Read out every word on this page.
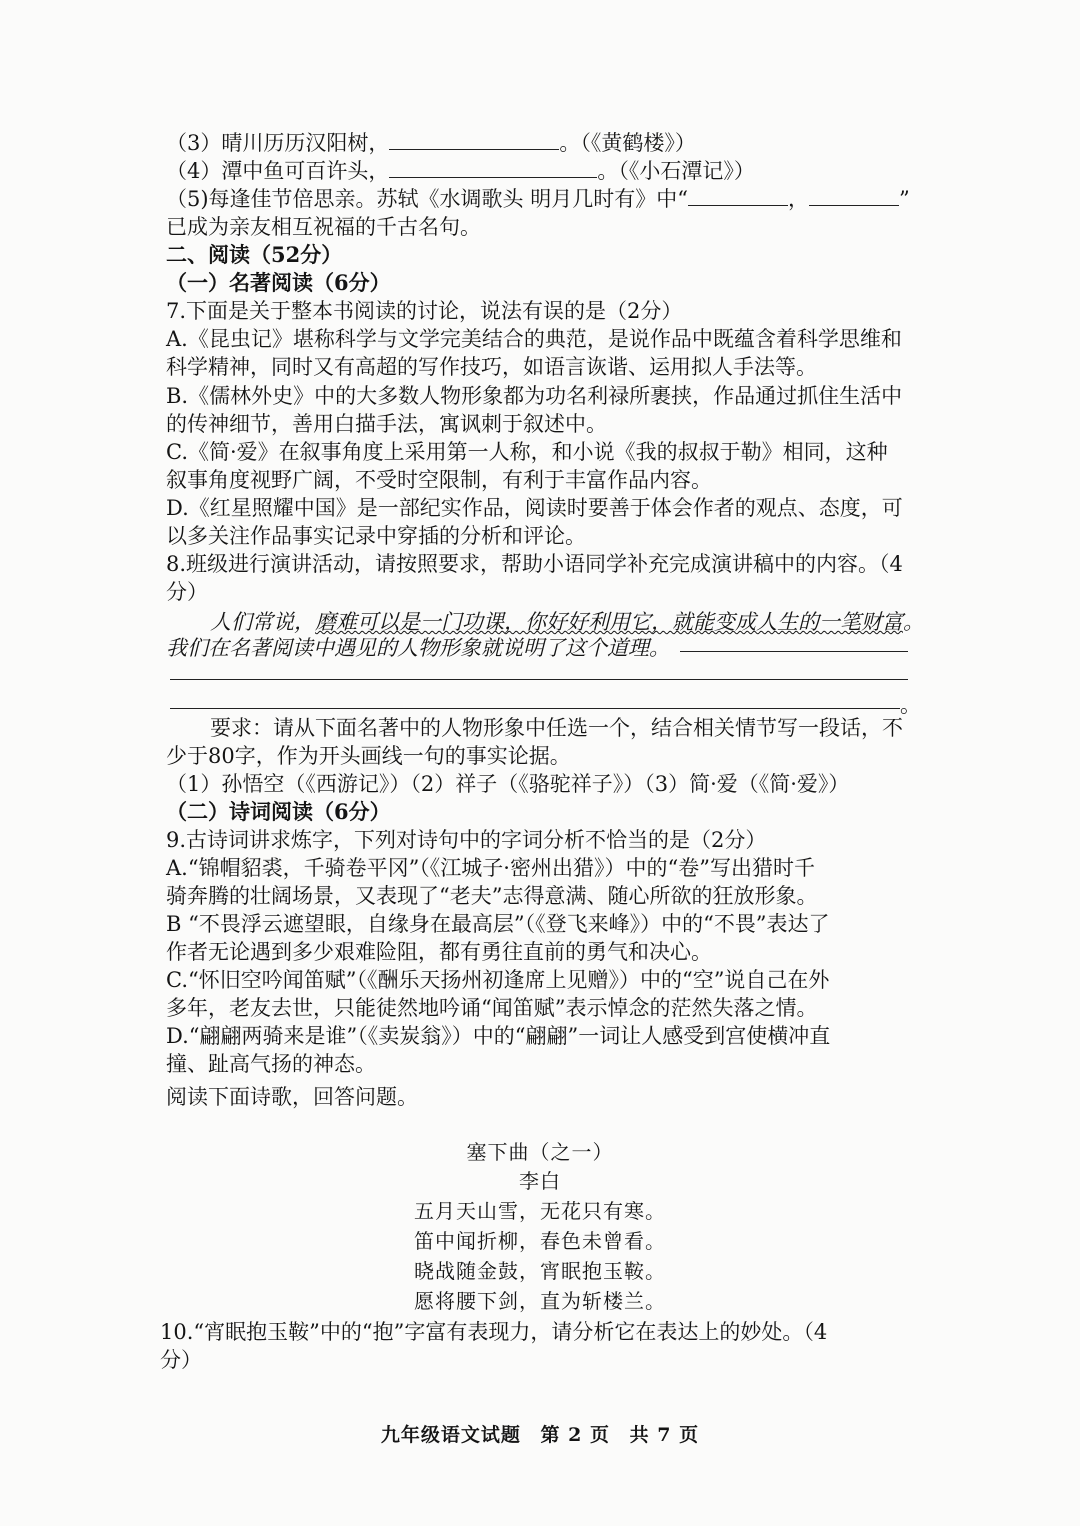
（3）晴川历历汉阳树，	。（《黄鹤楼》）
（4）潭中鱼可百许头，	。（《小石潭记》）
（5)每逢佳节倍思亲。苏轼《水调歌头 明月几时有》中“	，	”
已成为亲友相互祝福的千古名句。
二、阅读（52分）
（一）名著阅读（6分）
7.下面是关于整本书阅读的讨论，说法有误的是（2分）
A.《昆虫记》堪称科学与文学完美结合的典范，是说作品中既蕴含着科学思维和
科学精神，同时又有高超的写作技巧，如语言诙谐、运用拟人手法等。
B.《儒林外史》中的大多数人物形象都为功名利禄所裹挟，作品通过抓住生活中
的传神细节，善用白描手法，寓讽刺于叙述中。
C.《简·爱》在叙事角度上采用第一人称，和小说《我的叔叔于勒》相同，这种
叙事角度视野广阔，不受时空限制，有利于丰富作品内容。
D.《红星照耀中国》是一部纪实作品，阅读时要善于体会作者的观点、态度，可
以多关注作品事实记录中穿插的分析和评论。
8.班级进行演讲活动，请按照要求，帮助小语同学补充完成演讲稿中的内容。（4
分）
人们常说，磨难可以是一门功课，你好好利用它，就能变成人生的一笔财富。
我们在名著阅读中遇见的人物形象就说明了这个道理。
。
要求：请从下面名著中的人物形象中任选一个，结合相关情节写一段话，不
少于80字，作为开头画线一句的事实论据。
（1）孙悟空（《西游记》）（2）祥子（《骆驼祥子》）（3）简·爱（《简·爱》）
（二）诗词阅读（6分）
9.古诗词讲求炼字，下列对诗句中的字词分析不恰当的是（2分）
A.“锦帽貂裘，千骑卷平冈”（《江城子·密州出猎》）中的“卷”写出猎时千
骑奔腾的壮阔场景，又表现了“老夫”志得意满、随心所欲的狂放形象。
B “不畏浮云遮望眼，自缘身在最高层”（《登飞来峰》）中的“不畏”表达了
作者无论遇到多少艰难险阻，都有勇往直前的勇气和决心。
C.“怀旧空吟闻笛赋”（《酬乐天扬州初逢席上见赠》）中的“空”说自己在外
多年，老友去世，只能徒然地吟诵“闻笛赋”表示悼念的茫然失落之情。
D.“翩翩两骑来是谁”（《卖炭翁》）中的“翩翩”一词让人感受到宫使横冲直
撞、趾高气扬的神态。
阅读下面诗歌，回答问题。
塞下曲（之一）
李白
五月天山雪，无花只有寒。
笛中闻折柳，春色未曾看。
晓战随金鼓，宵眠抱玉鞍。
愿将腰下剑，直为斩楼兰。
10.“宵眠抱玉鞍”中的“抱”字富有表现力，请分析它在表达上的妙处。（4
分）
九年级语文试题 第 2 页 共 7 页
